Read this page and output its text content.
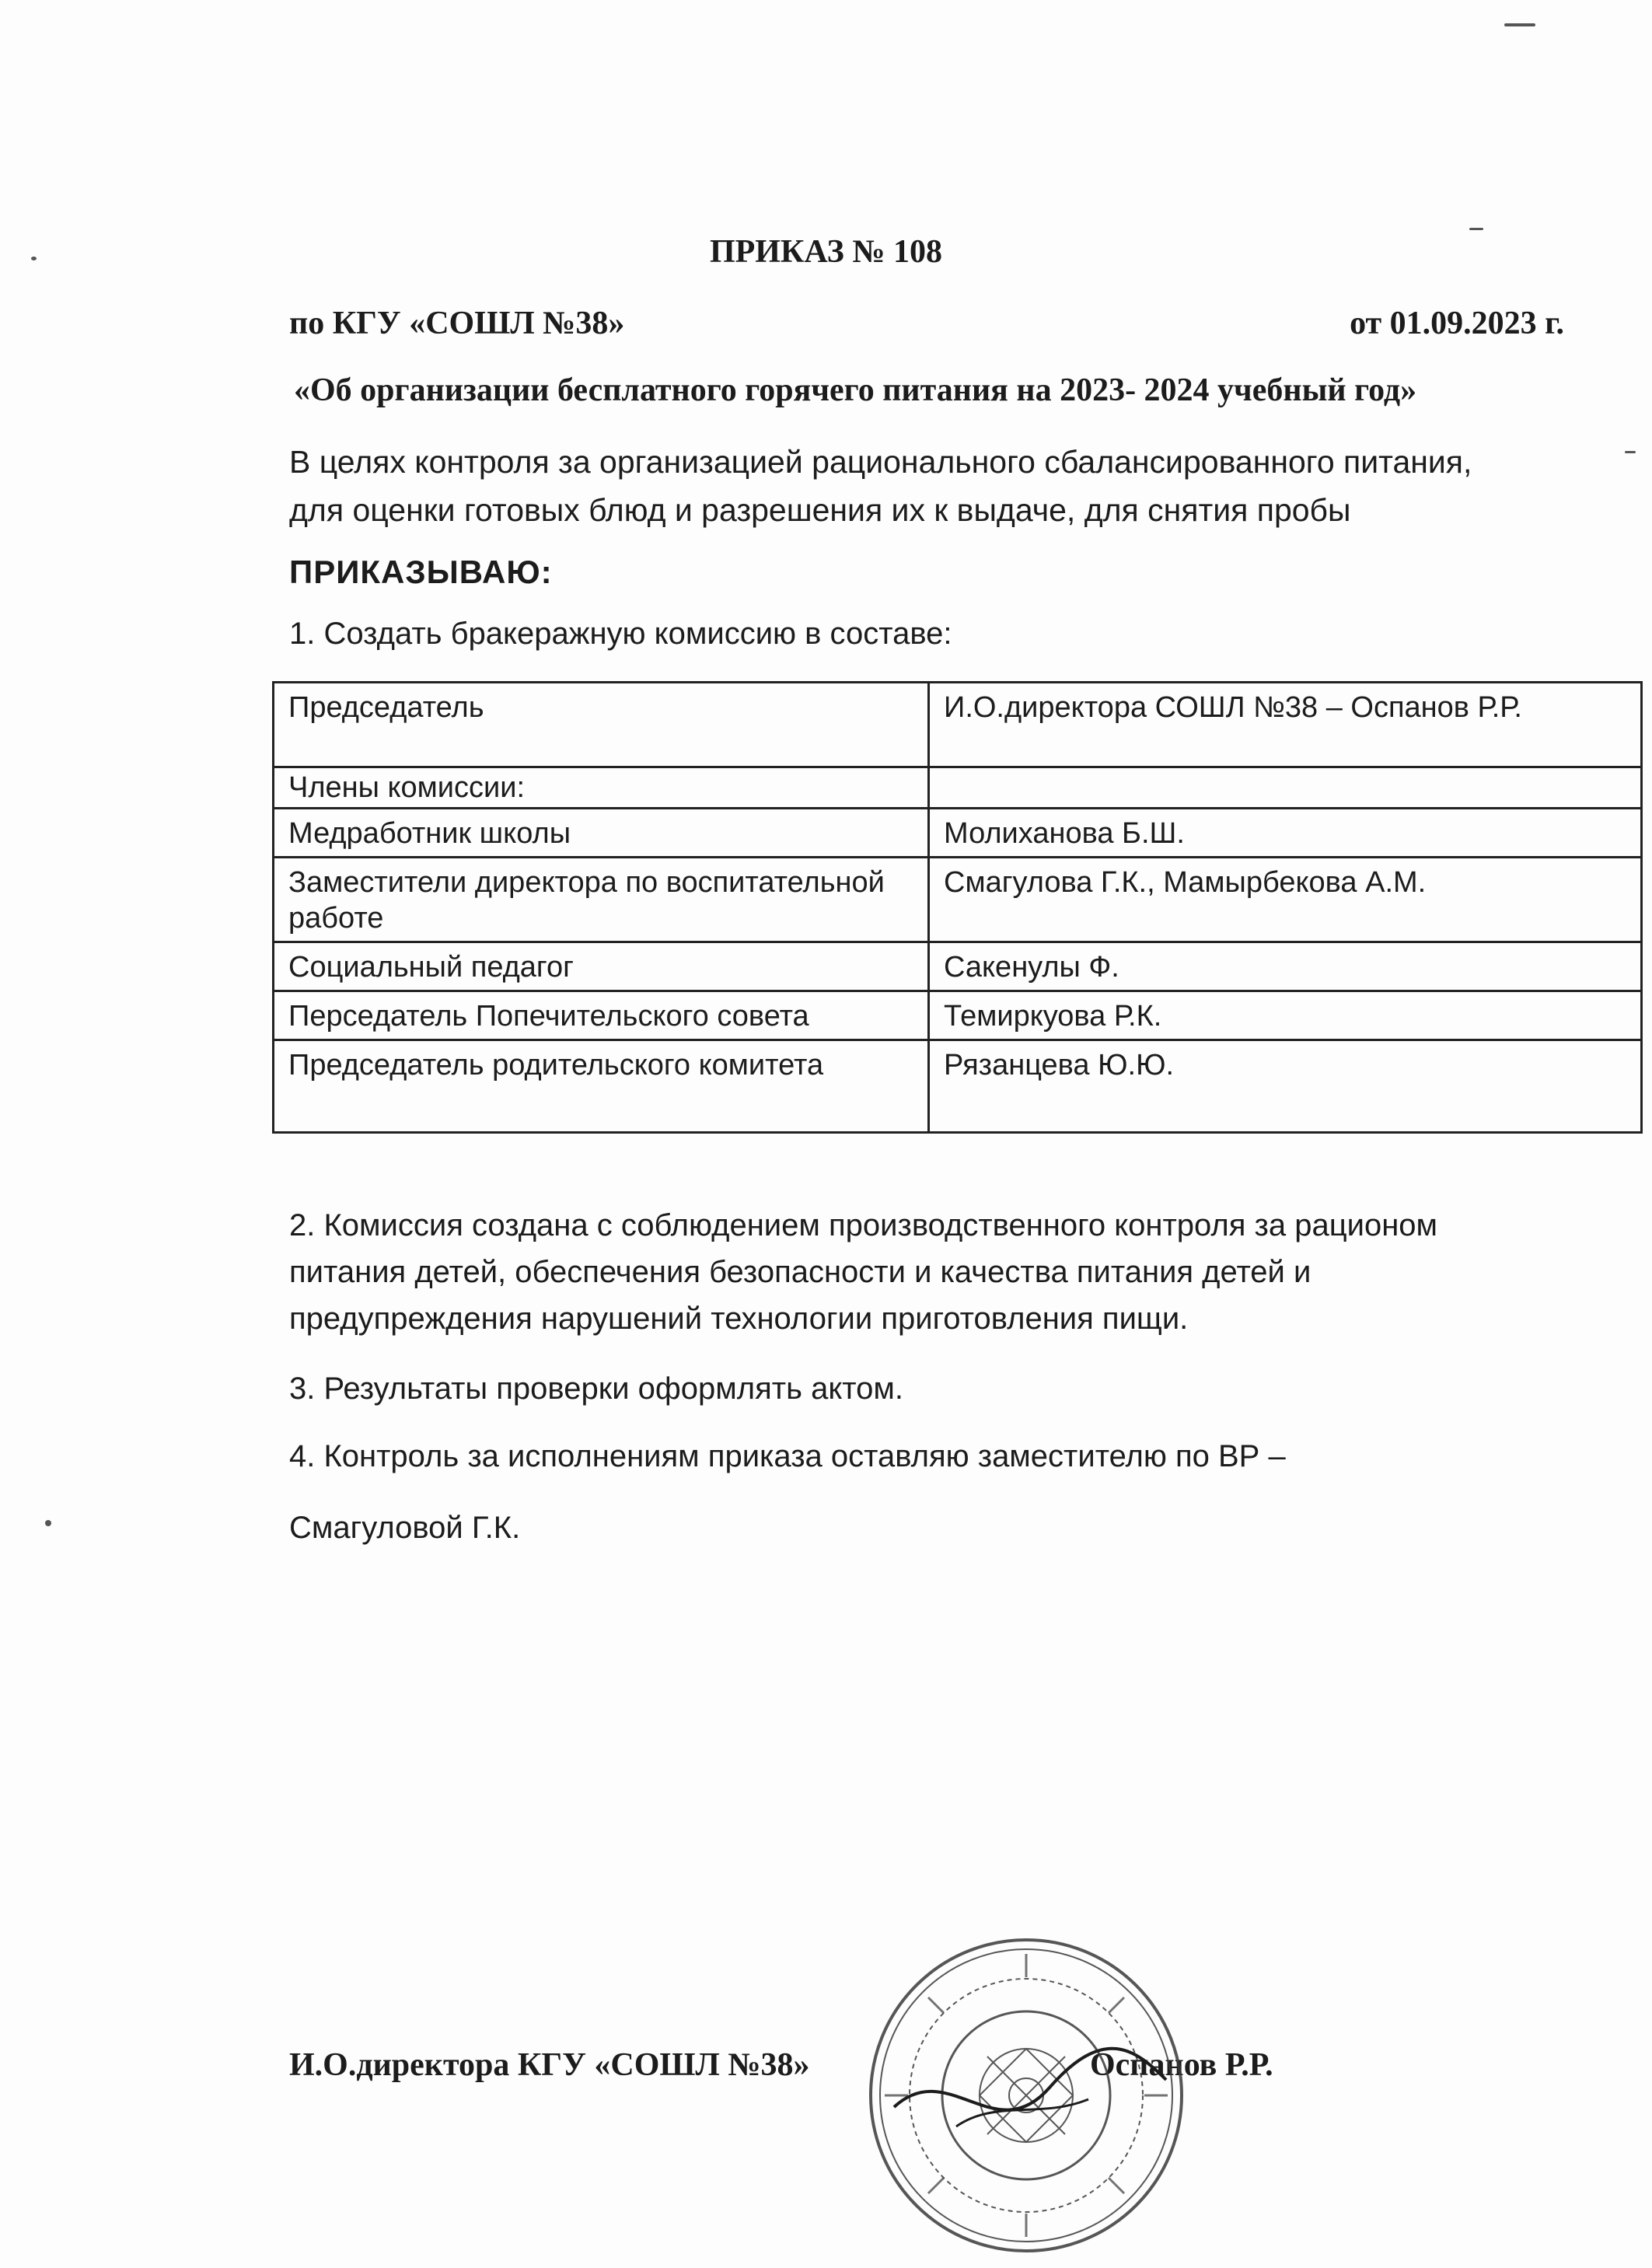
ПРИКАЗ № 108
по КГУ «СОШЛ №38»	от 01.09.2023 г.
«Об организации бесплатного горячего питания на 2023- 2024 учебный год»
В целях контроля за организацией рационального сбалансированного питания,
для оценки готовых блюд и разрешения их к выдаче, для снятия пробы
ПРИКАЗЫВАЮ:
1. Создать бракеражную комиссию в составе:
Председатель	И.О.директора СОШЛ №38 – Оспанов Р.Р.
Члены комиссии:	
Медработник школы	Молиханова Б.Ш.
Заместители директора по воспитательной работе	Смагулова Г.К., Мамырбекова А.М.
Социальный педагог	Сакенулы Ф.
Перседатель Попечительского совета	Темиркуова Р.К.
Председатель родительского комитета	Рязанцева Ю.Ю.
2. Комиссия создана с соблюдением производственного контроля за рационом
питания детей, обеспечения безопасности и качества питания детей и
предупреждения нарушений технологии приготовления пищи.
3. Результаты проверки оформлять актом.
4. Контроль за исполнениям приказа оставляю заместителю по ВР –
Смагуловой Г.К.
И.О.директора КГУ «СОШЛ №38»	Оспанов Р.Р.
